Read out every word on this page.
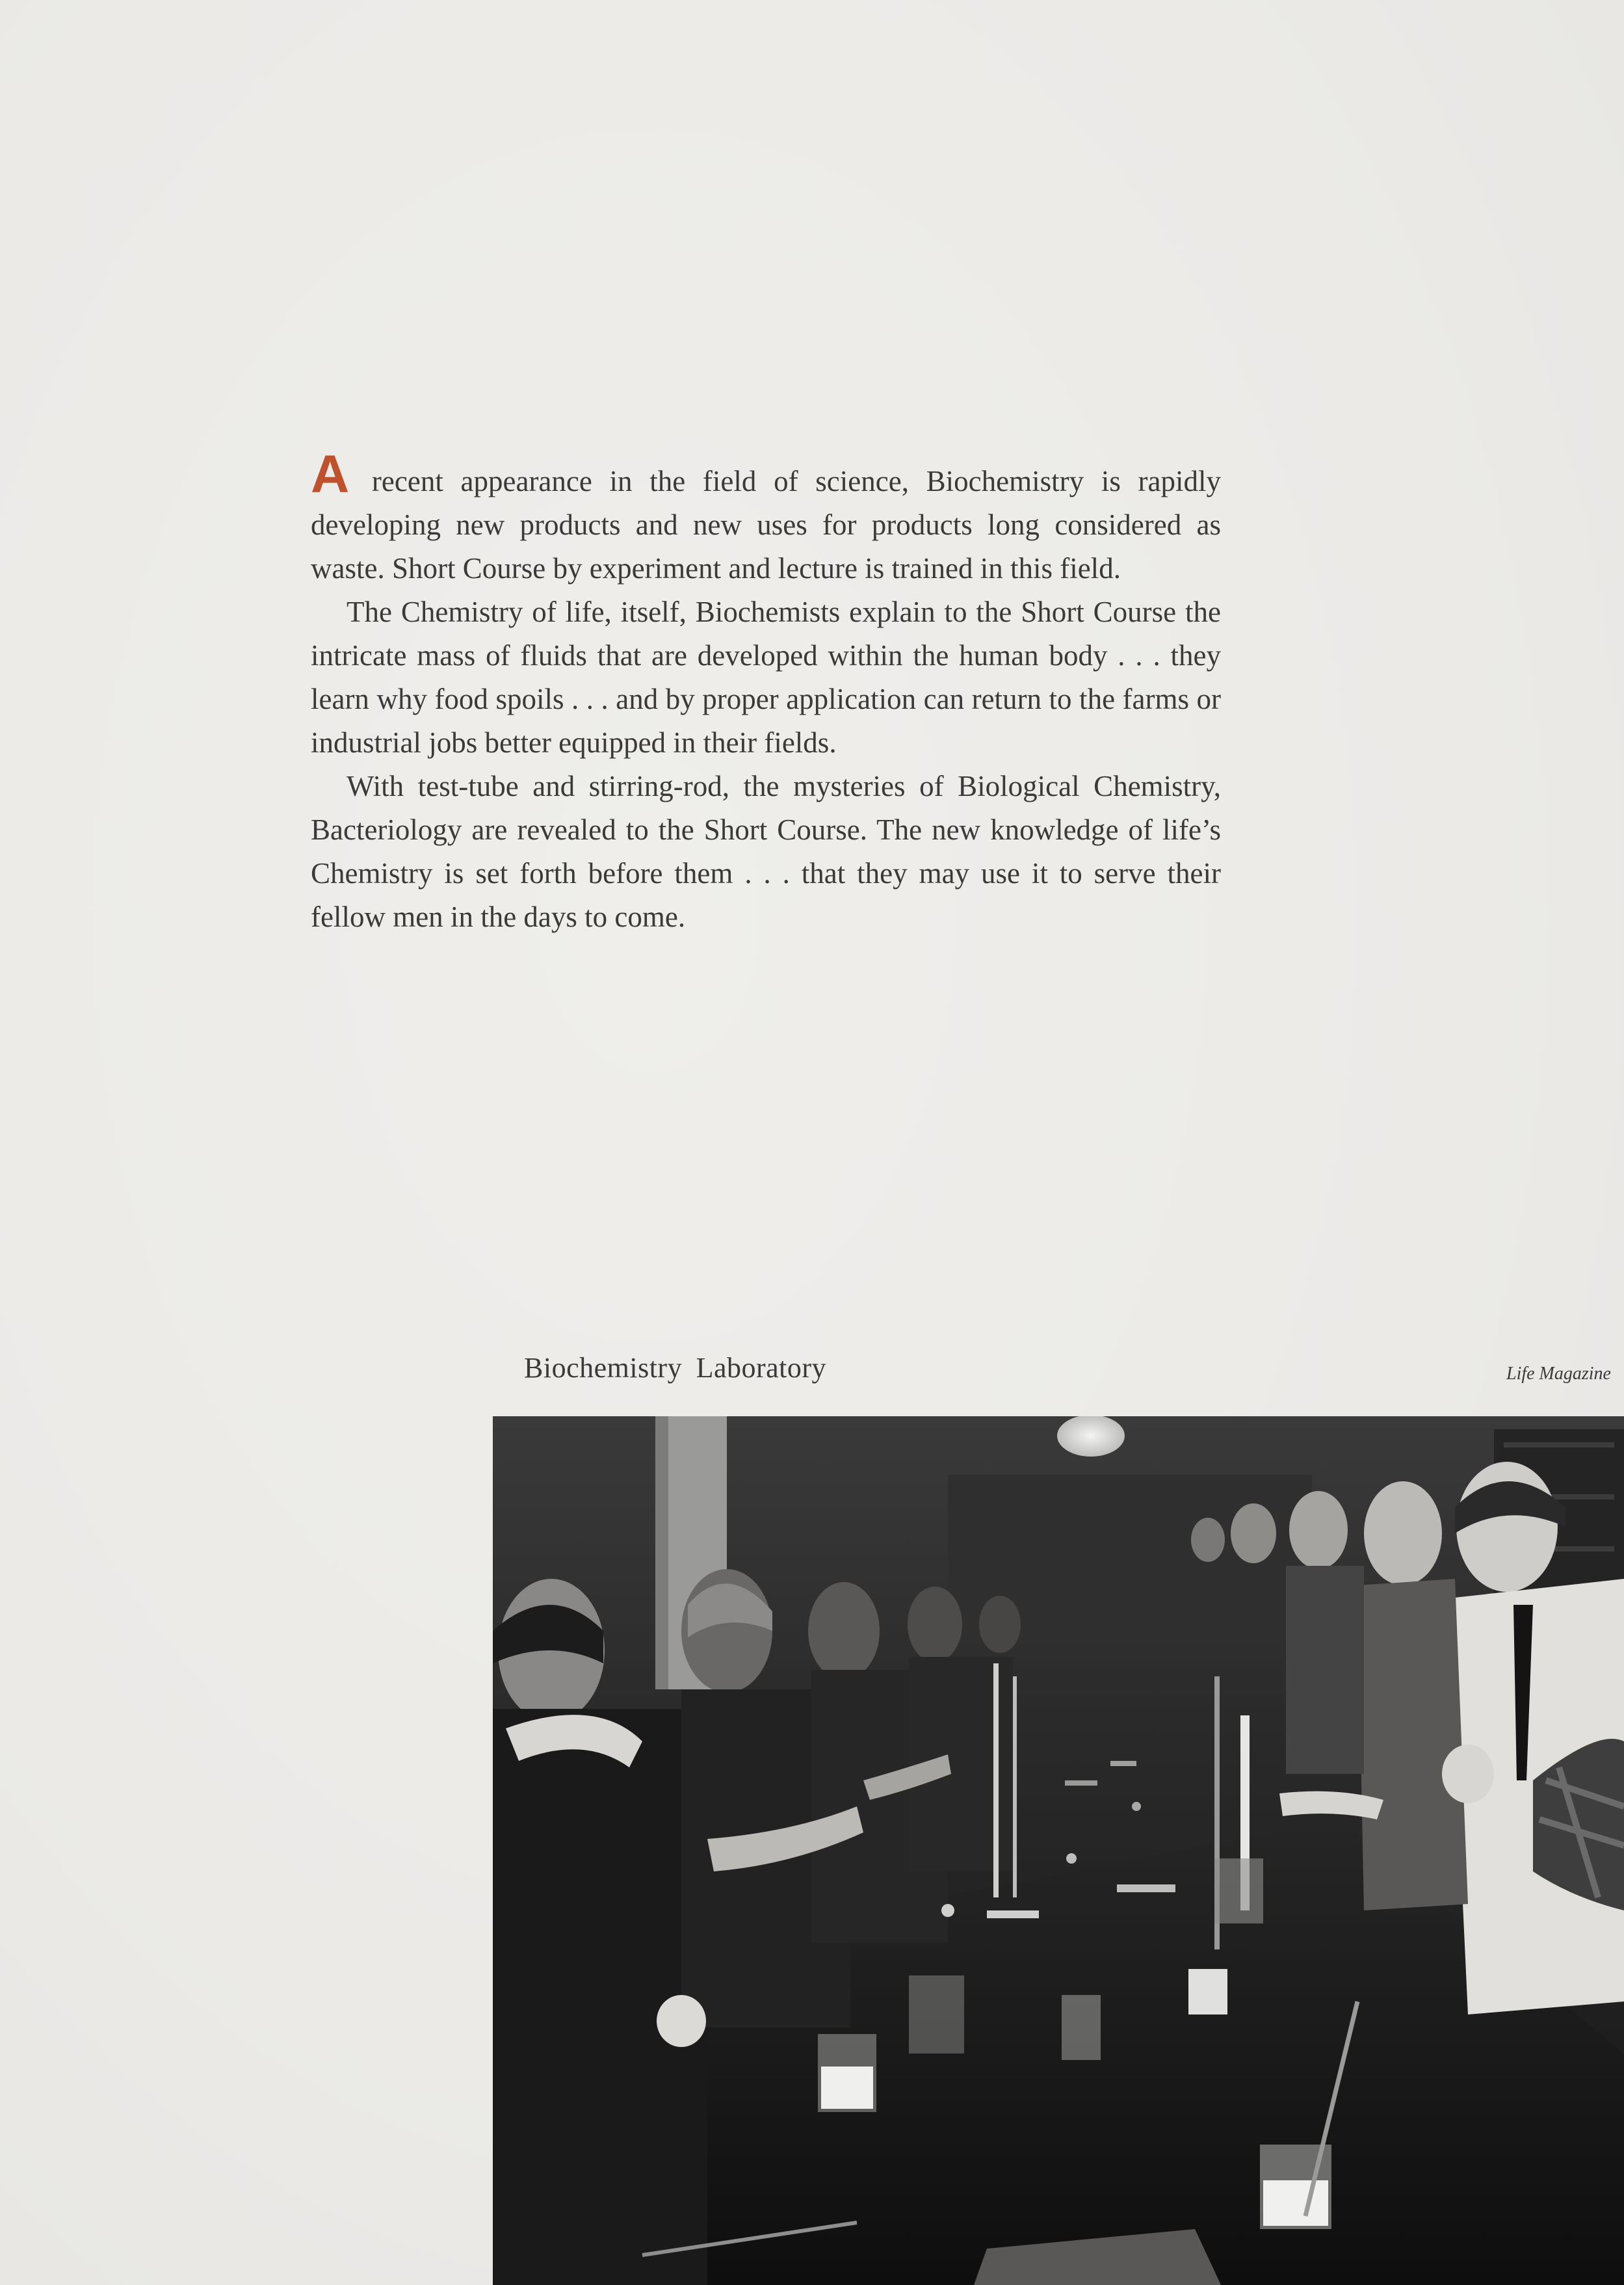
A recent appearance in the field of science, Biochemistry is rapidly developing new products and new uses for products long considered as waste. Short Course by experiment and lecture is trained in this field.

The Chemistry of life, itself, Biochemists explain to the Short Course the intricate mass of fluids that are developed within the human body . . . they learn why food spoils . . . and by proper application can return to the farms or industrial jobs better equipped in their fields.

With test-tube and stirring-rod, the mysteries of Biological Chemistry, Bacteriology are revealed to the Short Course. The new knowledge of life’s Chemistry is set forth before them . . . that they may use it to serve their fellow men in the days to come.

Biochemistry Laboratory	Life Magazine
